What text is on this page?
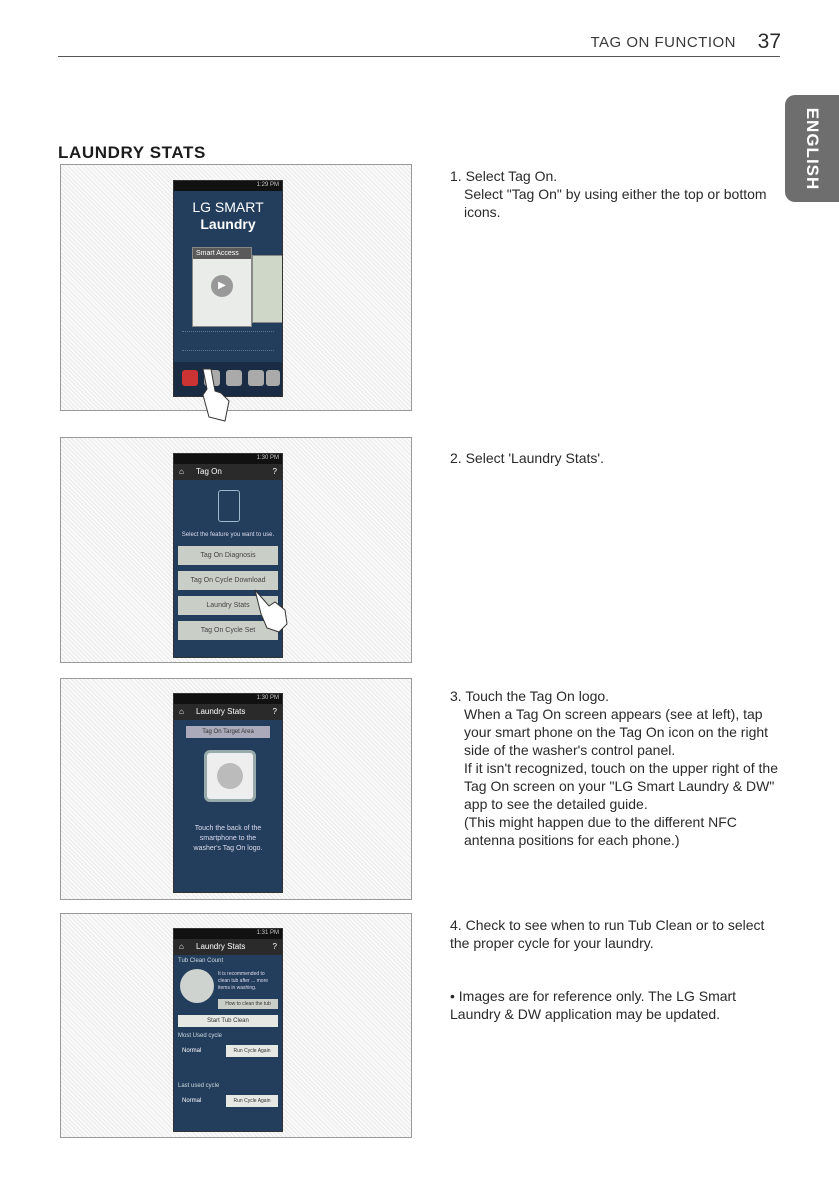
TAG ON FUNCTION 37
ENGLISH
LAUNDRY STATS
1:29 PM
LG SMART
Laundry
Smart Access
▶
1:30 PM
⌂ Tag On	?
Select the feature you want to use.
Tag On Diagnosis
Tag On Cycle Download
Laundry Stats
Tag On Cycle Set
1:30 PM
⌂ Laundry Stats	?
Tag On Target Area
Touch the back of the smartphone to the washer's Tag On logo.
1:31 PM
⌂ Laundry Stats	?
Tub Clean Count
It is recommended to clean tub after ... more items in washing.
How to clean the tub
Start Tub Clean
Most Used cycle
Normal	Run Cycle Again
Last used cycle
Normal	Run Cycle Again
1. Select Tag On.
Select "Tag On" by using either the top or bottom icons.
2. Select 'Laundry Stats'.
3. Touch the Tag On logo.
When a Tag On screen appears (see at left), tap your smart phone on the Tag On icon on the right side of the washer's control panel.
If it isn't recognized, touch on the upper right of the Tag On screen on your "LG Smart Laundry & DW" app to see the detailed guide.
(This might happen due to the different NFC antenna positions for each phone.)
4. Check to see when to run Tub Clean or to select the proper cycle for your laundry.
• Images are for reference only. The LG Smart Laundry & DW application may be updated.
